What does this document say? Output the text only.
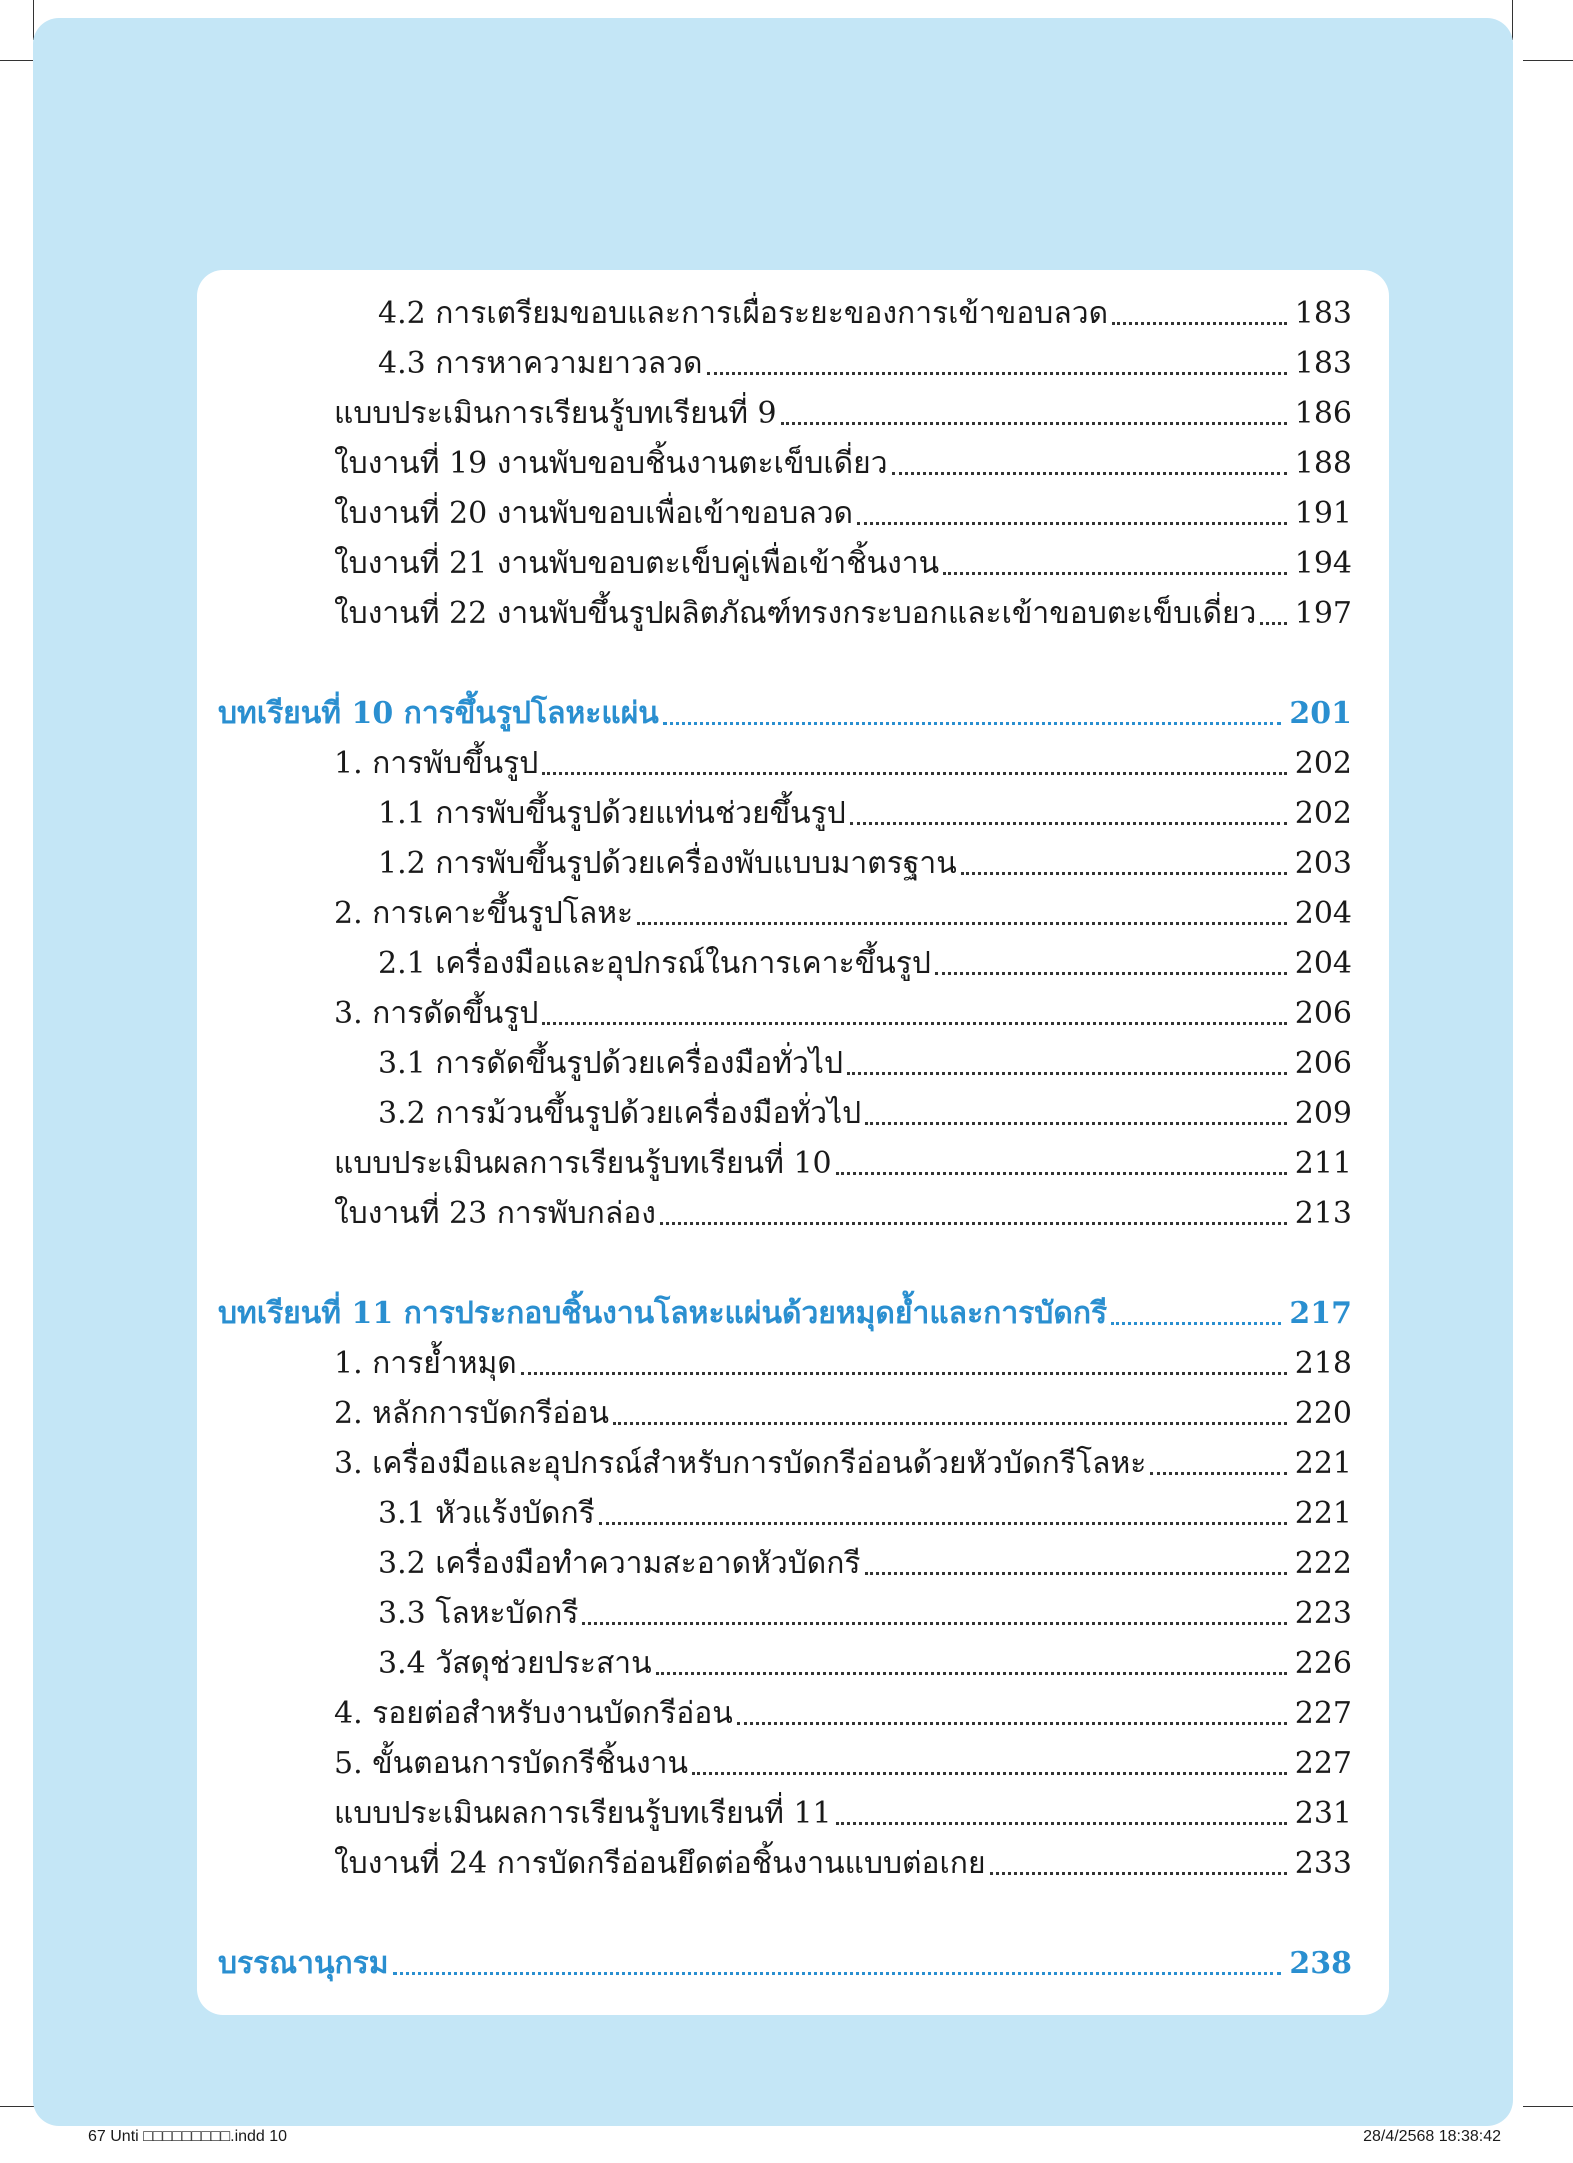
4.2 การเตรียมขอบและการเผื่อระยะของการเข้าขอบลวด	183
4.3 การหาความยาวลวด	183
แบบประเมินการเรียนรู้บทเรียนที่ 9	186
ใบงานที่ 19 งานพับขอบชิ้นงานตะเข็บเดี่ยว	188
ใบงานที่ 20 งานพับขอบเพื่อเข้าขอบลวด	191
ใบงานที่ 21 งานพับขอบตะเข็บคู่เพื่อเข้าชิ้นงาน	194
ใบงานที่ 22 งานพับขึ้นรูปผลิตภัณฑ์ทรงกระบอกและเข้าขอบตะเข็บเดี่ยว 197
บทเรียนที่ 10 การขึ้นรูปโลหะแผ่น	201
1. การพับขึ้นรูป	202
1.1 การพับขึ้นรูปด้วยแท่นช่วยขึ้นรูป	202
1.2 การพับขึ้นรูปด้วยเครื่องพับแบบมาตรฐาน	203
2. การเคาะขึ้นรูปโลหะ	204
2.1 เครื่องมือและอุปกรณ์ในการเคาะขึ้นรูป	204
3. การดัดขึ้นรูป	206
3.1 การดัดขึ้นรูปด้วยเครื่องมือทั่วไป	206
3.2 การม้วนขึ้นรูปด้วยเครื่องมือทั่วไป	209
แบบประเมินผลการเรียนรู้บทเรียนที่ 10	211
ใบงานที่ 23 การพับกล่อง	213
บทเรียนที่ 11 การประกอบชิ้นงานโลหะแผ่นด้วยหมุดย้ำและการบัดกรี	217
1. การย้ำหมุด	218
2. หลักการบัดกรีอ่อน	220
3. เครื่องมือและอุปกรณ์สำหรับการบัดกรีอ่อนด้วยหัวบัดกรีโลหะ	221
3.1 หัวแร้งบัดกรี	221
3.2 เครื่องมือทำความสะอาดหัวบัดกรี	222
3.3 โลหะบัดกรี	223
3.4 วัสดุช่วยประสาน	226
4. รอยต่อสำหรับงานบัดกรีอ่อน	227
5. ขั้นตอนการบัดกรีชิ้นงาน	227
แบบประเมินผลการเรียนรู้บทเรียนที่ 11	231
ใบงานที่ 24 การบัดกรีอ่อนยึดต่อชิ้นงานแบบต่อเกย	233
บรรณานุกรม	238
67 Unti □□□□□□□□□.indd 10	28/4/2568 18:38:42
